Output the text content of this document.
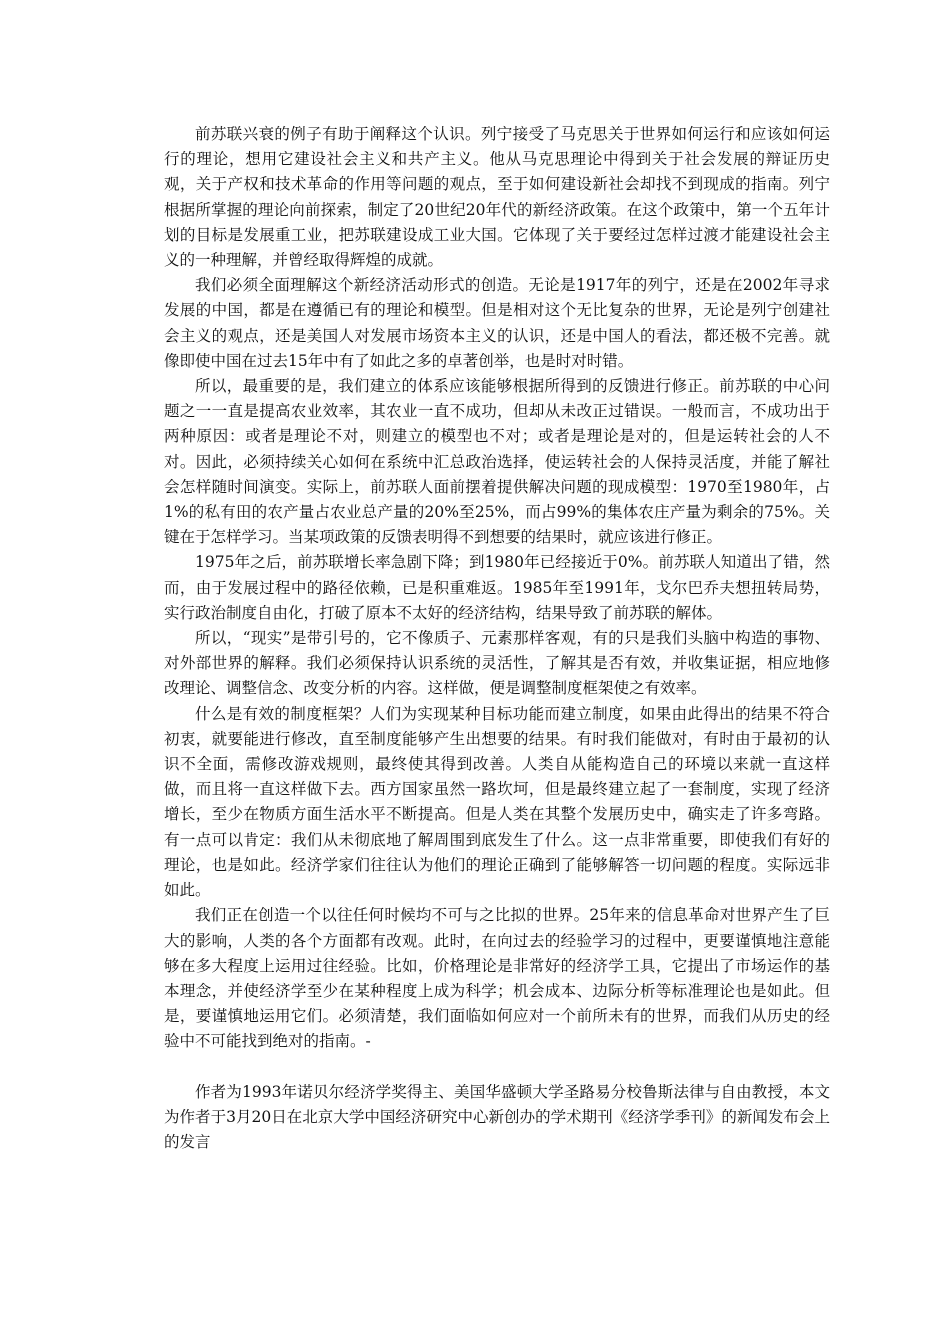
前苏联兴衰的例子有助于阐释这个认识。列宁接受了马克思关于世界如何运行和应该如何运行的理论，想用它建设社会主义和共产主义。他从马克思理论中得到关于社会发展的辩证历史观，关于产权和技术革命的作用等问题的观点，至于如何建设新社会却找不到现成的指南。列宁根据所掌握的理论向前探索，制定了20世纪20年代的新经济政策。在这个政策中，第一个五年计划的目标是发展重工业，把苏联建设成工业大国。它体现了关于要经过怎样过渡才能建设社会主义的一种理解，并曾经取得辉煌的成就。

我们必须全面理解这个新经济活动形式的创造。无论是1917年的列宁，还是在2002年寻求发展的中国，都是在遵循已有的理论和模型。但是相对这个无比复杂的世界，无论是列宁创建社会主义的观点，还是美国人对发展市场资本主义的认识，还是中国人的看法，都还极不完善。就像即使中国在过去15年中有了如此之多的卓著创举，也是时对时错。

所以，最重要的是，我们建立的体系应该能够根据所得到的反馈进行修正。前苏联的中心问题之一一直是提高农业效率，其农业一直不成功，但却从未改正过错误。一般而言，不成功出于两种原因：或者是理论不对，则建立的模型也不对；或者是理论是对的，但是运转社会的人不对。因此，必须持续关心如何在系统中汇总政治选择，使运转社会的人保持灵活度，并能了解社会怎样随时间演变。实际上，前苏联人面前摆着提供解决问题的现成模型：1970至1980年，占1%的私有田的农产量占农业总产量的20%至25%，而占99%的集体农庄产量为剩余的75%。关键在于怎样学习。当某项政策的反馈表明得不到想要的结果时，就应该进行修正。

1975年之后，前苏联增长率急剧下降；到1980年已经接近于0%。前苏联人知道出了错，然而，由于发展过程中的路径依赖，已是积重难返。1985年至1991年，戈尔巴乔夫想扭转局势，实行政治制度自由化，打破了原本不太好的经济结构，结果导致了前苏联的解体。

所以，“现实”是带引号的，它不像质子、元素那样客观，有的只是我们头脑中构造的事物、对外部世界的解释。我们必须保持认识系统的灵活性，了解其是否有效，并收集证据，相应地修改理论、调整信念、改变分析的内容。这样做，便是调整制度框架使之有效率。

什么是有效的制度框架？人们为实现某种目标功能而建立制度，如果由此得出的结果不符合初衷，就要能进行修改，直至制度能够产生出想要的结果。有时我们能做对，有时由于最初的认识不全面，需修改游戏规则，最终使其得到改善。人类自从能构造自己的环境以来就一直这样做，而且将一直这样做下去。西方国家虽然一路坎坷，但是最终建立起了一套制度，实现了经济增长，至少在物质方面生活水平不断提高。但是人类在其整个发展历史中，确实走了许多弯路。有一点可以肯定：我们从未彻底地了解周围到底发生了什么。这一点非常重要，即使我们有好的理论，也是如此。经济学家们往往认为他们的理论正确到了能够解答一切问题的程度。实际远非如此。

我们正在创造一个以往任何时候均不可与之比拟的世界。25年来的信息革命对世界产生了巨大的影响，人类的各个方面都有改观。此时，在向过去的经验学习的过程中，更要谨慎地注意能够在多大程度上运用过往经验。比如，价格理论是非常好的经济学工具，它提出了市场运作的基本理念，并使经济学至少在某种程度上成为科学；机会成本、边际分析等标准理论也是如此。但是，要谨慎地运用它们。必须清楚，我们面临如何应对一个前所未有的世界，而我们从历史的经验中不可能找到绝对的指南。-

作者为1993年诺贝尔经济学奖得主、美国华盛顿大学圣路易分校鲁斯法律与自由教授，本文为作者于3月20日在北京大学中国经济研究中心新创办的学术期刊《经济学季刊》的新闻发布会上的发言
